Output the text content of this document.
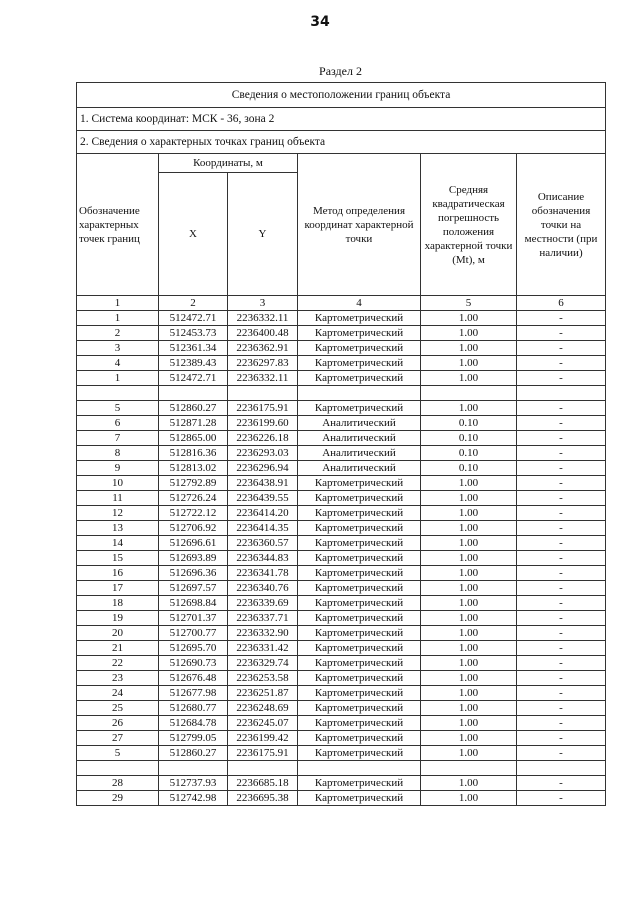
34
Раздел 2
Сведения о местоположении границ объекта					
1. Система координат: МСК - 36, зона 2					
2. Сведения о характерных точках границ объекта					
Обозначение характерных точек границ	Координаты, м		Метод определения координат характерной точки	Средняя квадратическая погрешность положения характерной точки (Mt), м	Описание обозначения точки на местности (при наличии)
	X	Y			
1	2	3	4	5	6
1	512472.71	2236332.11	Картометрический	1.00	-
2	512453.73	2236400.48	Картометрический	1.00	-
3	512361.34	2236362.91	Картометрический	1.00	-
4	512389.43	2236297.83	Картометрический	1.00	-
1	512472.71	2236332.11	Картометрический	1.00	-

5	512860.27	2236175.91	Картометрический	1.00	-
6	512871.28	2236199.60	Аналитический	0.10	-
7	512865.00	2236226.18	Аналитический	0.10	-
8	512816.36	2236293.03	Аналитический	0.10	-
9	512813.02	2236296.94	Аналитический	0.10	-
10	512792.89	2236438.91	Картометрический	1.00	-
11	512726.24	2236439.55	Картометрический	1.00	-
12	512722.12	2236414.20	Картометрический	1.00	-
13	512706.92	2236414.35	Картометрический	1.00	-
14	512696.61	2236360.57	Картометрический	1.00	-
15	512693.89	2236344.83	Картометрический	1.00	-
16	512696.36	2236341.78	Картометрический	1.00	-
17	512697.57	2236340.76	Картометрический	1.00	-
18	512698.84	2236339.69	Картометрический	1.00	-
19	512701.37	2236337.71	Картометрический	1.00	-
20	512700.77	2236332.90	Картометрический	1.00	-
21	512695.70	2236331.42	Картометрический	1.00	-
22	512690.73	2236329.74	Картометрический	1.00	-
23	512676.48	2236253.58	Картометрический	1.00	-
24	512677.98	2236251.87	Картометрический	1.00	-
25	512680.77	2236248.69	Картометрический	1.00	-
26	512684.78	2236245.07	Картометрический	1.00	-
27	512799.05	2236199.42	Картометрический	1.00	-
5	512860.27	2236175.91	Картометрический	1.00	-

28	512737.93	2236685.18	Картометрический	1.00	-
29	512742.98	2236695.38	Картометрический	1.00	-
